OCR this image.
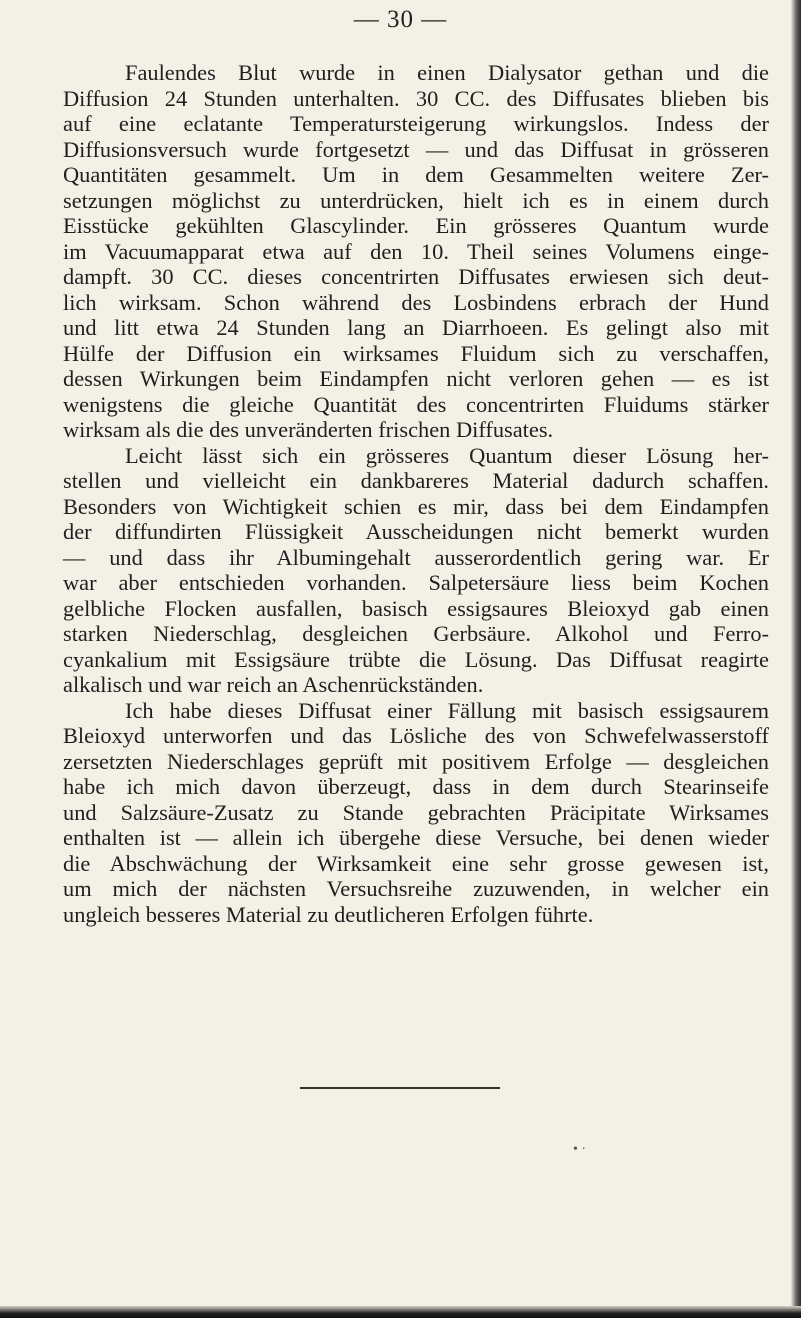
— 30 —
Faulendes Blut wurde in einen Dialysator gethan und die
Diffusion 24 Stunden unterhalten. 30 CC. des Diffusates blieben bis
auf eine eclatante Temperatursteigerung wirkungslos. Indess der
Diffusionsversuch wurde fortgesetzt — und das Diffusat in grösseren
Quantitäten gesammelt. Um in dem Gesammelten weitere Zer-
setzungen möglichst zu unterdrücken, hielt ich es in einem durch
Eisstücke gekühlten Glascylinder. Ein grösseres Quantum wurde
im Vacuumapparat etwa auf den 10. Theil seines Volumens einge-
dampft. 30 CC. dieses concentrirten Diffusates erwiesen sich deut-
lich wirksam. Schon während des Losbindens erbrach der Hund
und litt etwa 24 Stunden lang an Diarrhoeen. Es gelingt also mit
Hülfe der Diffusion ein wirksames Fluidum sich zu verschaffen,
dessen Wirkungen beim Eindampfen nicht verloren gehen — es ist
wenigstens die gleiche Quantität des concentrirten Fluidums stärker
wirksam als die des unveränderten frischen Diffusates.
Leicht lässt sich ein grösseres Quantum dieser Lösung her-
stellen und vielleicht ein dankbareres Material dadurch schaffen.
Besonders von Wichtigkeit schien es mir, dass bei dem Eindampfen
der diffundirten Flüssigkeit Ausscheidungen nicht bemerkt wurden
— und dass ihr Albumingehalt ausserordentlich gering war. Er
war aber entschieden vorhanden. Salpetersäure liess beim Kochen
gelbliche Flocken ausfallen, basisch essigsaures Bleioxyd gab einen
starken Niederschlag, desgleichen Gerbsäure. Alkohol und Ferro-
cyankalium mit Essigsäure trübte die Lösung. Das Diffusat reagirte
alkalisch und war reich an Aschenrückständen.
Ich habe dieses Diffusat einer Fällung mit basisch essigsaurem
Bleioxyd unterworfen und das Lösliche des von Schwefelwasserstoff
zersetzten Niederschlages geprüft mit positivem Erfolge — desgleichen
habe ich mich davon überzeugt, dass in dem durch Stearinseife
und Salzsäure-Zusatz zu Stande gebrachten Präcipitate Wirksames
enthalten ist — allein ich übergehe diese Versuche, bei denen wieder
die Abschwächung der Wirksamkeit eine sehr grosse gewesen ist,
um mich der nächsten Versuchsreihe zuzuwenden, in welcher ein
ungleich besseres Material zu deutlicheren Erfolgen führte.
• ·
